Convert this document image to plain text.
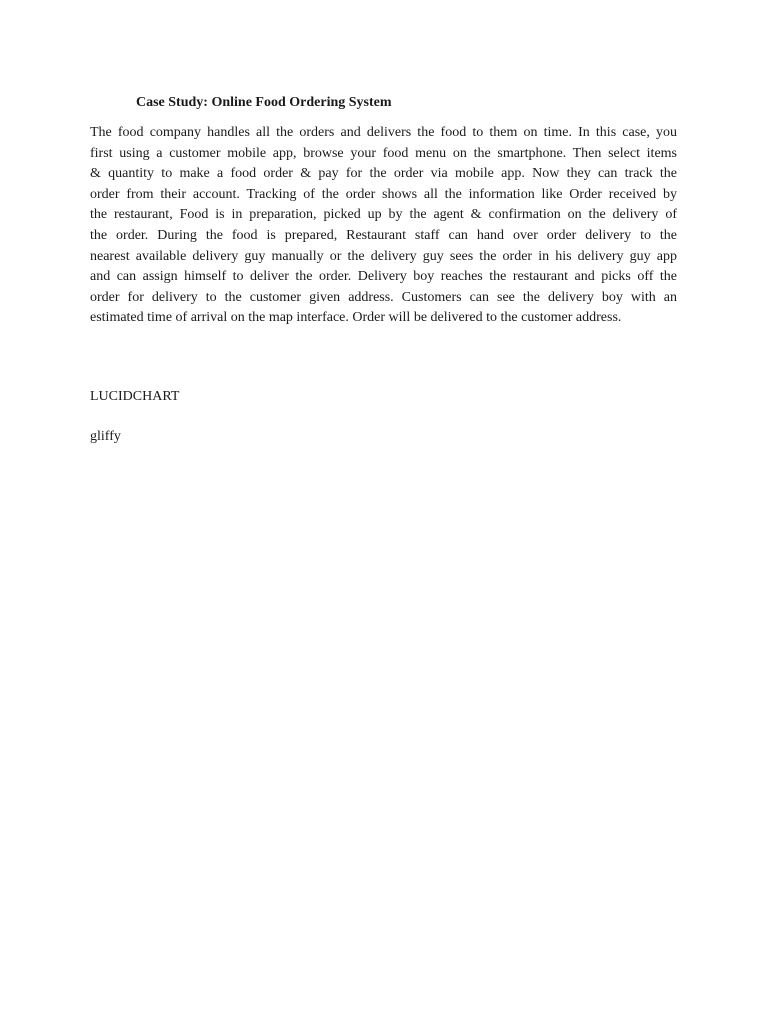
Case Study: Online Food Ordering System
The food company handles all the orders and delivers the food to them on time. In this case, you
first using a customer mobile app, browse your food menu on the smartphone. Then select items
& quantity to make a food order & pay for the order via mobile app. Now they can track the
order from their account. Tracking of the order shows all the information like Order received by
the restaurant, Food is in preparation, picked up by the agent & confirmation on the delivery of
the order. During the food is prepared, Restaurant staff can hand over order delivery to the
nearest available delivery guy manually or the delivery guy sees the order in his delivery guy app
and can assign himself to deliver the order. Delivery boy reaches the restaurant and picks off the
order for delivery to the customer given address. Customers can see the delivery boy with an
estimated time of arrival on the map interface. Order will be delivered to the customer address.
LUCIDCHART
gliffy
